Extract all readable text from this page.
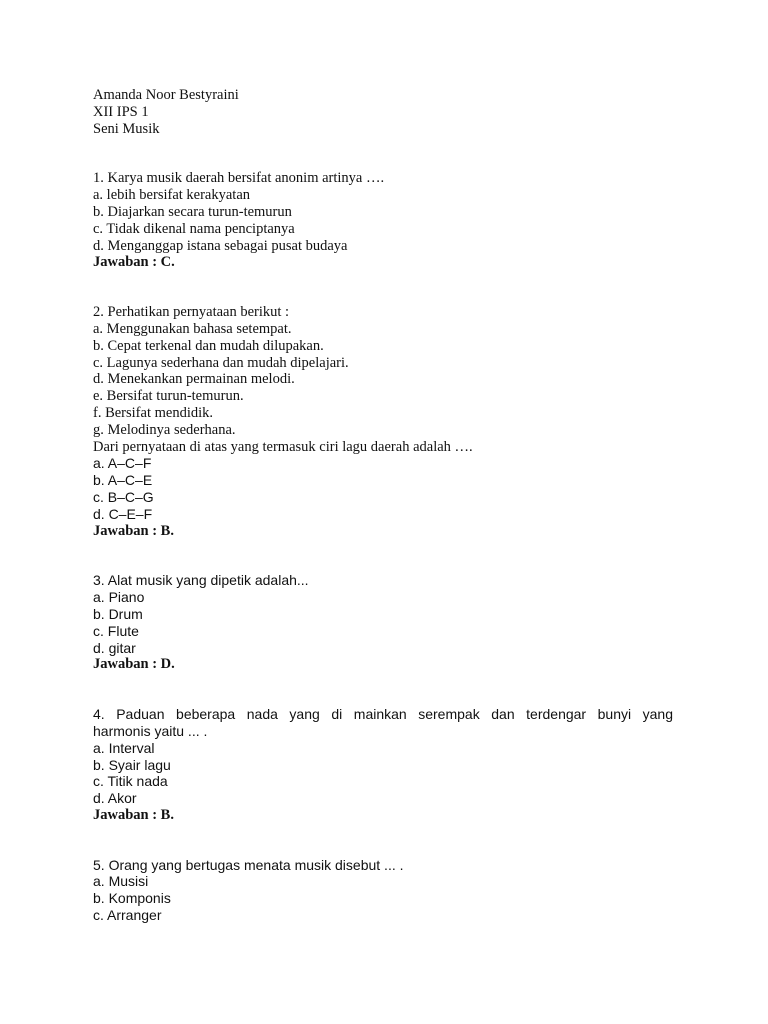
Amanda Noor Bestyraini
XII IPS 1
Seni Musik
1. Karya musik daerah bersifat anonim artinya ….
a. lebih bersifat kerakyatan
b. Diajarkan secara turun-temurun
c. Tidak dikenal nama penciptanya
d. Menganggap istana sebagai pusat budaya
Jawaban : C.
2. Perhatikan pernyataan berikut :
a. Menggunakan bahasa setempat.
b. Cepat terkenal dan mudah dilupakan.
c. Lagunya sederhana dan mudah dipelajari.
d. Menekankan permainan melodi.
e. Bersifat turun-temurun.
f. Bersifat mendidik.
g. Melodinya sederhana.
Dari pernyataan di atas yang termasuk ciri lagu daerah adalah ….
a. A–C–F
b. A–C–E
c. B–C–G
d. C–E–F
Jawaban : B.
3. Alat musik yang dipetik adalah...
a. Piano
b. Drum
c. Flute
d. gitar
Jawaban : D.
4. Paduan beberapa nada yang di mainkan serempak dan terdengar bunyi yang
harmonis yaitu ... .
a. Interval
b. Syair lagu
c. Titik nada
d. Akor
Jawaban : B.
5. Orang yang bertugas menata musik disebut ... .
a. Musisi
b. Komponis
c. Arranger
